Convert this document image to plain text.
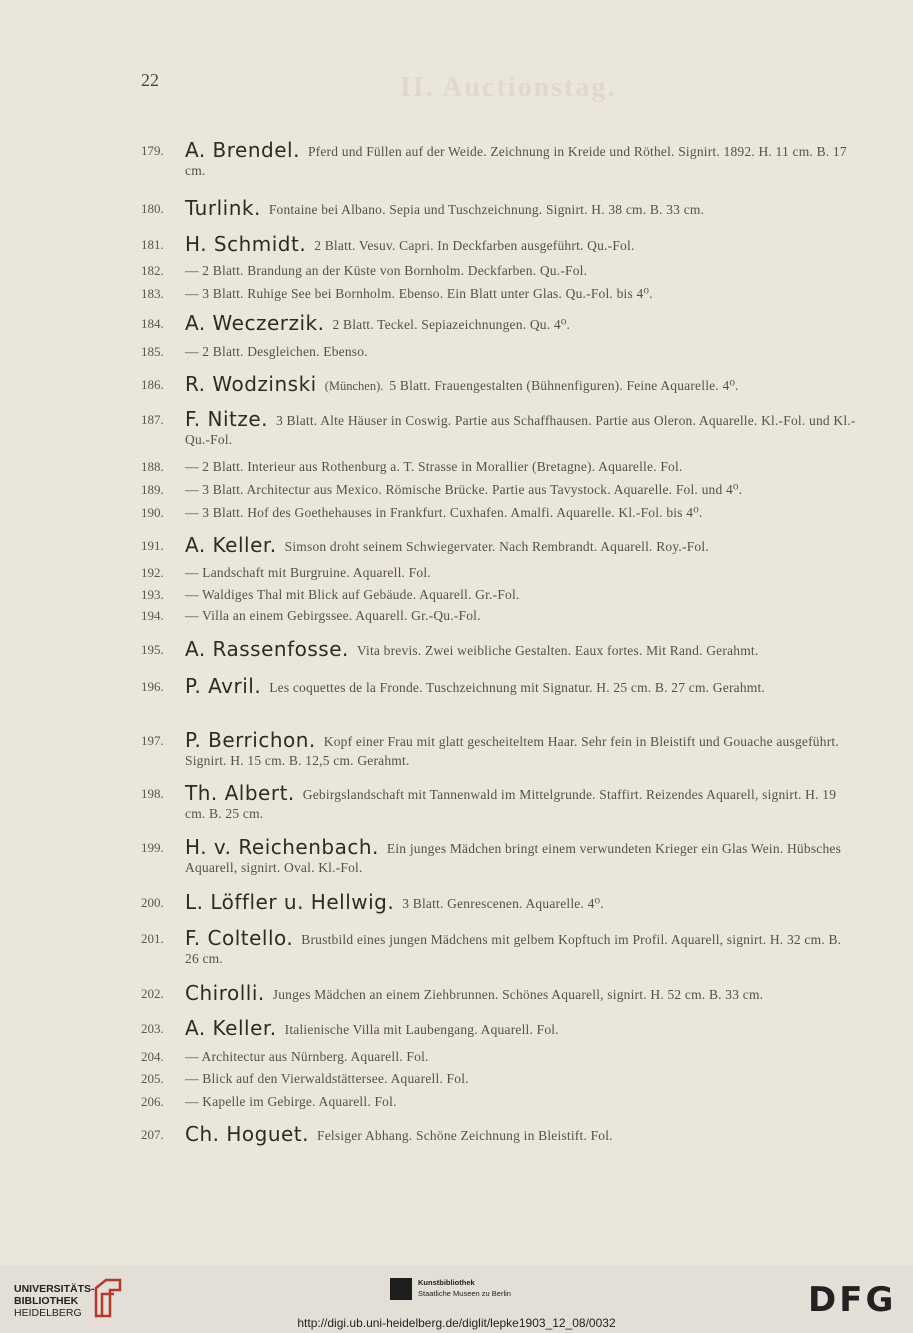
II. Auctionstag.
22
179.	A. Brendel. Pferd und Füllen auf der Weide. Zeichnung in Kreide und Röthel. Signirt. 1892. H. 11 cm. B. 17 cm.
180.	Turlink. Fontaine bei Albano. Sepia und Tuschzeichnung. Signirt. H. 38 cm. B. 33 cm.
181.	H. Schmidt. 2 Blatt. Vesuv. Capri. In Deckfarben ausgeführt. Qu.-Fol.
182.	— 2 Blatt. Brandung an der Küste von Bornholm. Deckfarben. Qu.-Fol.
183.	— 3 Blatt. Ruhige See bei Bornholm. Ebenso. Ein Blatt unter Glas. Qu.-Fol. bis 4⁰.
184.	A. Weczerzik. 2 Blatt. Teckel. Sepiazeichnungen. Qu. 4⁰.
185.	— 2 Blatt. Desgleichen. Ebenso.
186.	R. Wodzinski (München). 5 Blatt. Frauengestalten (Bühnenfiguren). Feine Aquarelle. 4⁰.
187.	F. Nitze. 3 Blatt. Alte Häuser in Coswig. Partie aus Schaffhausen. Partie aus Oleron. Aquarelle. Kl.-Fol. und Kl.-Qu.-Fol.
188.	— 2 Blatt. Interieur aus Rothenburg a. T. Strasse in Morallier (Bretagne). Aquarelle. Fol.
189.	— 3 Blatt. Architectur aus Mexico. Römische Brücke. Partie aus Tavystock. Aquarelle. Fol. und 4⁰.
190.	— 3 Blatt. Hof des Goethehauses in Frankfurt. Cuxhafen. Amalfi. Aquarelle. Kl.-Fol. bis 4⁰.
191.	A. Keller. Simson droht seinem Schwiegervater. Nach Rembrandt. Aquarell. Roy.-Fol.
192.	— Landschaft mit Burgruine. Aquarell. Fol.
193.	— Waldiges Thal mit Blick auf Gebäude. Aquarell. Gr.-Fol.
194.	— Villa an einem Gebirgssee. Aquarell. Gr.-Qu.-Fol.
195.	A. Rassenfosse. Vita brevis. Zwei weibliche Gestalten. Eaux fortes. Mit Rand. Gerahmt.
196.	P. Avril. Les coquettes de la Fronde. Tuschzeichnung mit Signatur. H. 25 cm. B. 27 cm. Gerahmt.
197.	P. Berrichon. Kopf einer Frau mit glatt gescheiteltem Haar. Sehr fein in Bleistift und Gouache ausgeführt. Signirt. H. 15 cm. B. 12,5 cm. Gerahmt.
198.	Th. Albert. Gebirgslandschaft mit Tannenwald im Mittelgrunde. Staffirt. Reizendes Aquarell, signirt. H. 19 cm. B. 25 cm.
199.	H. v. Reichenbach. Ein junges Mädchen bringt einem verwundeten Krieger ein Glas Wein. Hübsches Aquarell, signirt. Oval. Kl.-Fol.
200.	L. Löffler u. Hellwig. 3 Blatt. Genrescenen. Aquarelle. 4⁰.
201.	F. Coltello. Brustbild eines jungen Mädchens mit gelbem Kopftuch im Profil. Aquarell, signirt. H. 32 cm. B. 26 cm.
202.	Chirolli. Junges Mädchen an einem Ziehbrunnen. Schönes Aquarell, signirt. H. 52 cm. B. 33 cm.
203.	A. Keller. Italienische Villa mit Laubengang. Aquarell. Fol.
204.	— Architectur aus Nürnberg. Aquarell. Fol.
205.	— Blick auf den Vierwaldstättersee. Aquarell. Fol.
206.	— Kapelle im Gebirge. Aquarell. Fol.
207.	Ch. Hoguet. Felsiger Abhang. Schöne Zeichnung in Bleistift. Fol.
UNIVERSITÄTS-
BIBLIOTHEK
HEIDELBERG
Kunstbibliothek
Staatliche Museen zu Berlin	DFG
http://digi.ub.uni-heidelberg.de/diglit/lepke1903_12_08/0032
